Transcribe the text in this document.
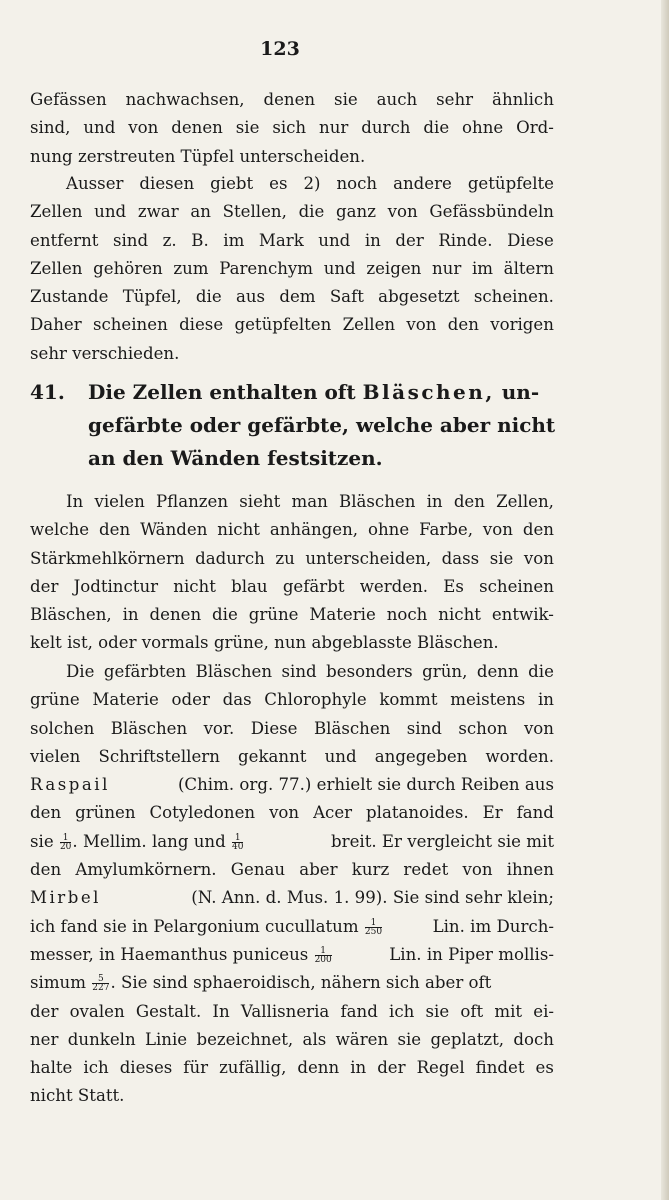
123
Gefässen nachwachsen, denen sie auch sehr ähnlich
sind, und von denen sie sich nur durch die ohne Ord-
nung zerstreuten Tüpfel unterscheiden.
Ausser diesen giebt es 2) noch andere getüpfelte
Zellen und zwar an Stellen, die ganz von Gefässbündeln
entfernt sind z. B. im Mark und in der Rinde. Diese
Zellen gehören zum Parenchym und zeigen nur im ältern
Zustande Tüpfel, die aus dem Saft abgesetzt scheinen.
Daher scheinen diese getüpfelten Zellen von den vorigen
sehr verschieden.
41.	Die Zellen enthalten oft
Bläschen,
un-
gefärbte oder gefärbte, welche aber nicht
an den Wänden festsitzen.
In vielen Pflanzen sieht man Bläschen in den Zellen,
welche den Wänden nicht anhängen, ohne Farbe, von den
Stärkmehlkörnern dadurch zu unterscheiden, dass sie von
der Jodtinctur nicht blau gefärbt werden. Es scheinen
Bläschen, in denen die grüne Materie noch nicht entwik-
kelt ist, oder vormals grüne, nun abgeblasste Bläschen.
Die gefärbten Bläschen sind besonders grün, denn die
grüne Materie oder das Chlorophyle kommt meistens in
solchen Bläschen vor. Diese Bläschen sind schon von
vielen Schriftstellern gekannt und angegeben worden.
Raspail	(Chim. org. 77.) erhielt sie durch Reiben aus
den grünen Cotyledonen von Acer platanoides. Er fand
sie $\frac{1}{20}$ . Mellim. lang und $\frac{1}{40}$	breit. Er vergleicht sie mit
den Amylumkörnern. Genau aber kurz redet von ihnen
Mirbel	(N. Ann. d. Mus. 1. 99). Sie sind sehr klein;
ich fand sie in Pelargonium cucullatum $\frac{1}{250}$	Lin. im Durch-
messer, in Haemanthus puniceus $\frac{1}{200}$	Lin. in Piper mollis-
simum $\frac{5}{227}$ . Sie sind sphaeroidisch, nähern sich aber oft
der ovalen Gestalt. In Vallisneria fand ich sie oft mit ei-
ner dunkeln Linie bezeichnet, als wären sie geplatzt, doch
halte ich dieses für zufällig, denn in der Regel findet es
nicht Statt.
